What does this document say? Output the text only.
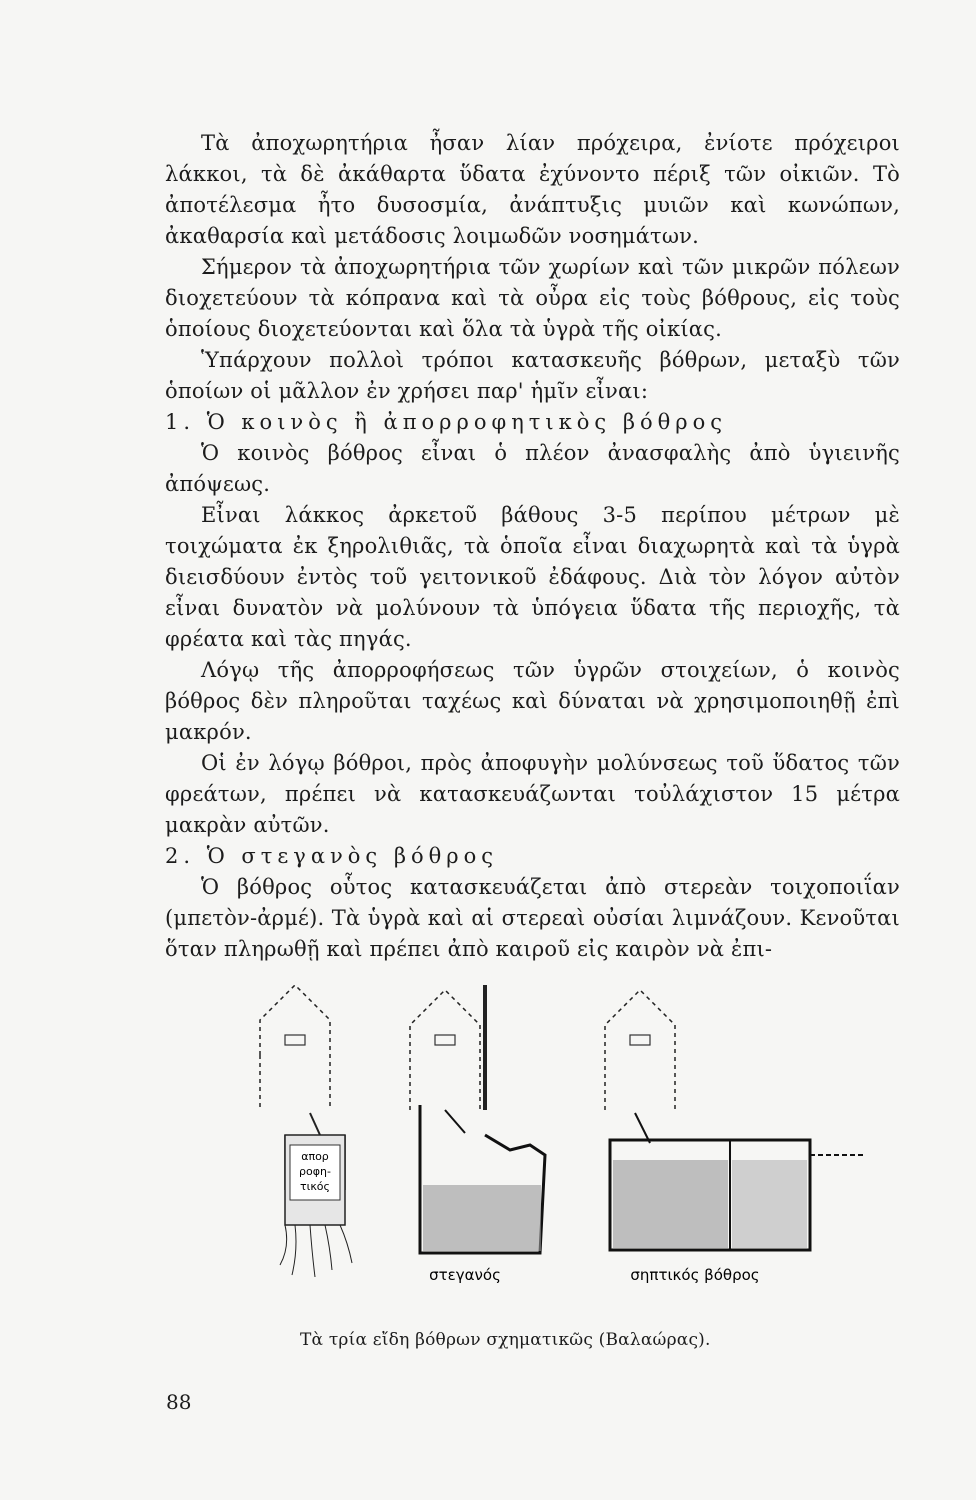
Τὰ ἀποχωρητήρια ἦσαν λίαν πρόχειρα, ἐνίοτε πρόχειροι λάκκοι, τὰ δὲ ἀκάθαρτα ὕδατα ἐχύνοντο πέριξ τῶν οἰκιῶν. Τὸ ἀποτέλεσμα ἦτο δυσοσμία, ἀνάπτυξις μυιῶν καὶ κωνώπων, ἀκαθαρσία καὶ μετάδοσις λοιμωδῶν νοσημάτων.

Σήμερον τὰ ἀποχωρητήρια τῶν χωρίων καὶ τῶν μικρῶν πόλεων διοχετεύουν τὰ κόπρανα καὶ τὰ οὖρα εἰς τοὺς βόθρους, εἰς τοὺς ὁποίους διοχετεύονται καὶ ὅλα τὰ ὑγρὰ τῆς οἰκίας.

Ὑπάρχουν πολλοὶ τρόποι κατασκευῆς βόθρων, μεταξὺ τῶν ὁποίων οἱ μᾶλλον ἐν χρήσει παρ' ἡμῖν εἶναι:

1. Ὁ κοινὸς ἢ ἀπορροφητικὸς βόθρος

Ὁ κοινὸς βόθρος εἶναι ὁ πλέον ἀνασφαλὴς ἀπὸ ὑγιεινῆς ἀπόψεως.

Εἶναι λάκκος ἀρκετοῦ βάθους 3-5 περίπου μέτρων μὲ τοιχώματα ἐκ ξηρολιθιᾶς, τὰ ὁποῖα εἶναι διαχωρητὰ καὶ τὰ ὑγρὰ διεισδύουν ἐντὸς τοῦ γειτονικοῦ ἐδάφους. Διὰ τὸν λόγον αὐτὸν εἶναι δυνατὸν νὰ μολύνουν τὰ ὑπόγεια ὕδατα τῆς περιοχῆς, τὰ φρέατα καὶ τὰς πηγάς.

Λόγῳ τῆς ἀπορροφήσεως τῶν ὑγρῶν στοιχείων, ὁ κοινὸς βόθρος δὲν πληροῦται ταχέως καὶ δύναται νὰ χρησιμοποιηθῇ ἐπὶ μακρόν.

Οἱ ἐν λόγῳ βόθροι, πρὸς ἀποφυγὴν μολύνσεως τοῦ ὕδατος τῶν φρεάτων, πρέπει νὰ κατασκευάζωνται τοὐλάχιστον 15 μέτρα μακρὰν αὐτῶν.

2. Ὁ στεγανὸς βόθρος

Ὁ βόθρος οὗτος κατασκευάζεται ἀπὸ στερεὰν τοιχοποιΐαν (μπετὸν-ἀρμέ). Τὰ ὑγρὰ καὶ αἱ στερεαὶ οὐσίαι λιμνάζουν. Κενοῦται ὅταν πληρωθῇ καὶ πρέπει ἀπὸ καιροῦ εἰς καιρὸν νὰ ἐπι-

απορ
ροφη-
τικός
στεγανός	σηπτικός βόθρος
Τὰ τρία εἴδη βόθρων σχηματικῶς (Βαλαώρας).
88
